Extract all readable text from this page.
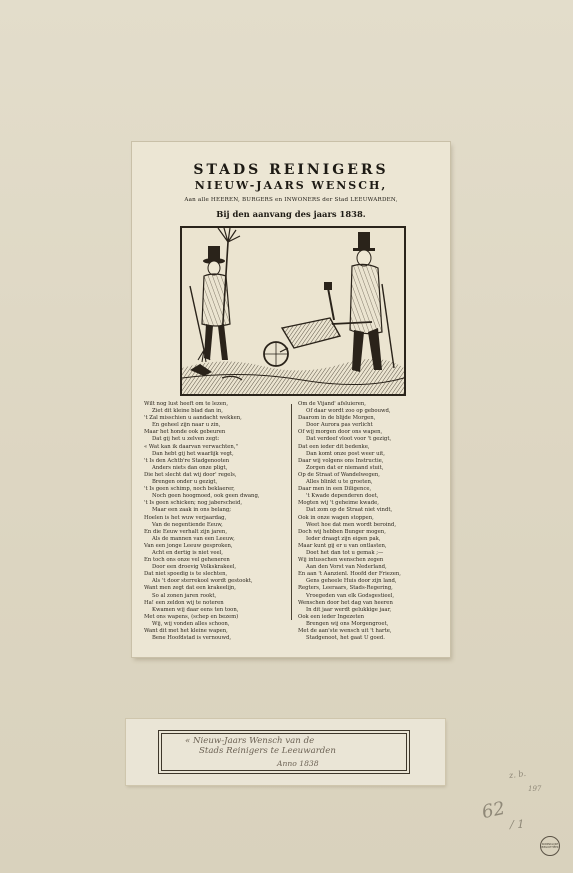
STADS REINIGERS
NIEUW-JAARS WENSCH,
Aan alle HEEREN, BURGERS en INWONERS der Stad LEEUWARDEN,
Bij den aanvang des jaars 1838.
Wilt nog lust heeft om te lezen,
Ziet dit kleine blad dan in,
't Zal misschien u aandacht wekken,
En geheel zijn naar u zin,
Maar het honde ook gebeuren
Dat gij het u zelven zegt:
« Wat kan ik daarvan verwachten,"
Dan hebt gij het waarlijk vegt,
't Is den Achtb're Stadgenooten
Anders niets dan onze pligt,
Die het slecht dat wij door' regels,
Brengen onder u gezigt,
't Is geen schimp, noch beklaerer,
Noch geen hoogmoed, ook geen dwang,
't Is geen schicken; nog jaberscheid,
Maar een zaak in ons belang;
Hoelen is het wuw verjaardag,
Van de negentiende Eeuw,
En die Eeuw verhalt zijn jaren,
Als de mannen van een Leeuw,
Van een jonge Leeuw gesproken,
Acht en dertig is niet veel,
En toch ons onze vel geheneren
Door een droevig Volkskrakeel,
Dat niet spoedig is te slechten,
Als 't door sterrekool wordt gestookt,
Want men zegt dat een krakeelijn,
So al zonen jaren rookt,
Ha! een zeldon wij te noteren
Kwamen wij daar eens ten toon,
Met ons wapens, (schep en bezem)
Wij, wij vonden alles schoon,
Want dit met het kleine wapen,
Bene Hoofdstad is vernouwd,
Om de Vijand' afsluieren,
Of daar wordt zoo op gebouwd,
Daarom in de blijde Morgen,
Door Aurora pas verlicht
Of wij morgen door ons wapen,
Dat verdeef vloot voor 't gezigt,
Dat een ieder dit bedenke,
Dan komt onze post weer uit,
Daar wij volgens ons Instructie,
Zorgen dat er niemand stuit,
Op de Straat of Wandelwegen,
Alles blinkt u te groeten,
Daar men in een Diligence,
't Kwade dependeren doet,
Mogten wij 't geheime kwade,
Dat zom op de Straat niet vindt,
Ook in onze wagen stoppen,
Weet hoe dat men wordt beroind,
Doch wij hebben Bunger mogen,
Ieder draagt zijn eigen pak,
Maar kunt gij er u van ontlasten,
Doet het dan tot u gemak ;—
Wij intusschen wenschen zegen
Aan den Vorst van Nederland,
En aan 't Aanzienl. Hoofd der Friezen,
Gens geheele Huis door zijn land,
Regters, Leeraars, Stads-Regering,
Vroegeden van elk Godsgestieel,
Wenschen door het dag van heeren
In dit jaar werdt gelukkige jaar,
Ook een ieder Ingezeten
Brengen wij ons Morgengroet,
Met de aan'ste wensch uit 't harte,
Stadgenoot, het gaat U goed.
« Nieuw-Jaars Wensch van de
Stads Reinigers te Leeuwarden
Anno 1838
z. b.
197
62
/ 1
KONINKLIJKE
BIBLIOTHEEK
